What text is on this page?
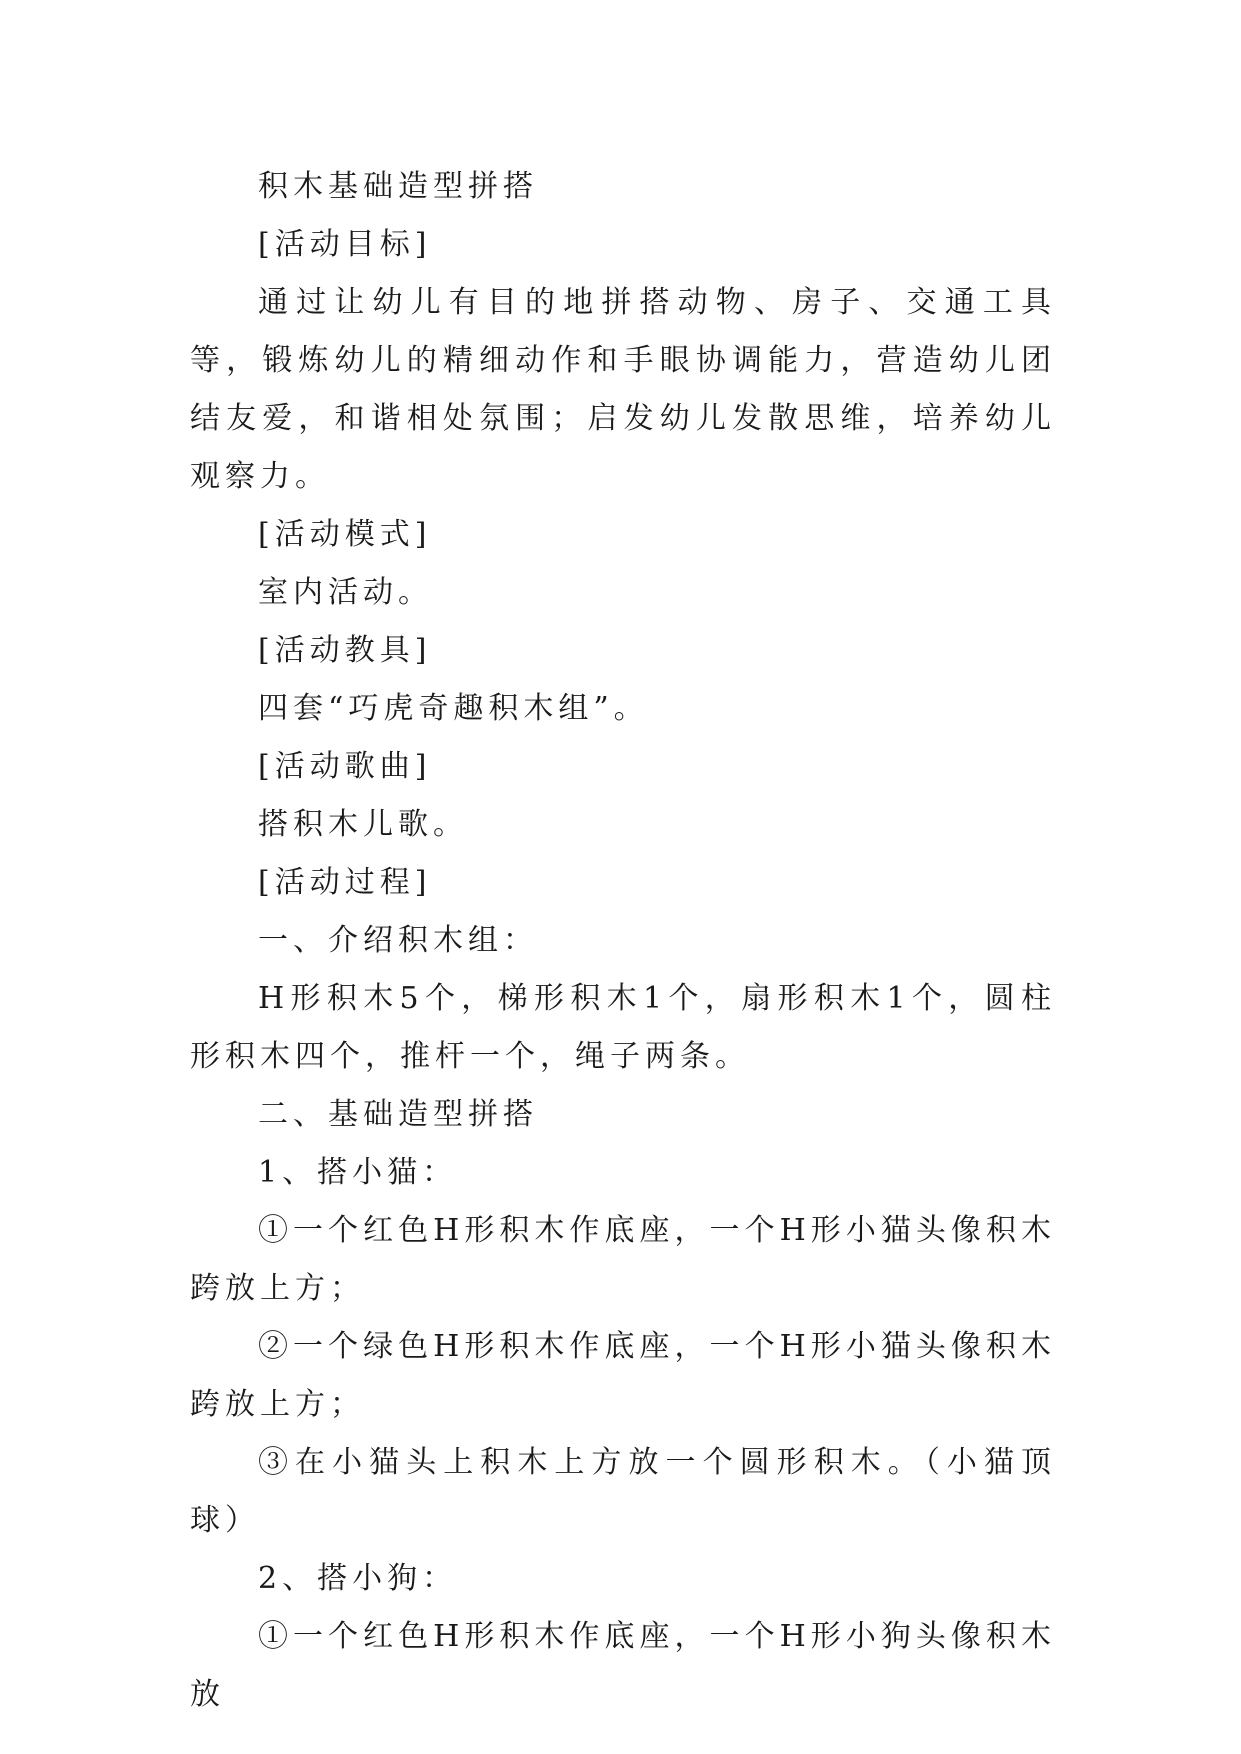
积木基础造型拼搭

[活动目标]

通过让幼儿有目的地拼搭动物、房子、交通工具等，锻炼幼儿的精细动作和手眼协调能力，营造幼儿团结友爱，和谐相处氛围；启发幼儿发散思维，培养幼儿观察力。

[活动模式]

室内活动。

[活动教具]

四套“巧虎奇趣积木组”。

[活动歌曲]

搭积木儿歌。

[活动过程]

一、介绍积木组：

H形积木5个，梯形积木1个，扇形积木1个，圆柱形积木四个，推杆一个，绳子两条。

二、基础造型拼搭

1、搭小猫：

①一个红色H形积木作底座，一个H形小猫头像积木跨放上方；

②一个绿色H形积木作底座，一个H形小猫头像积木跨放上方；

③在小猫头上积木上方放一个圆形积木。（小猫顶球）

2、搭小狗：

①一个红色H形积木作底座，一个H形小狗头像积木放
